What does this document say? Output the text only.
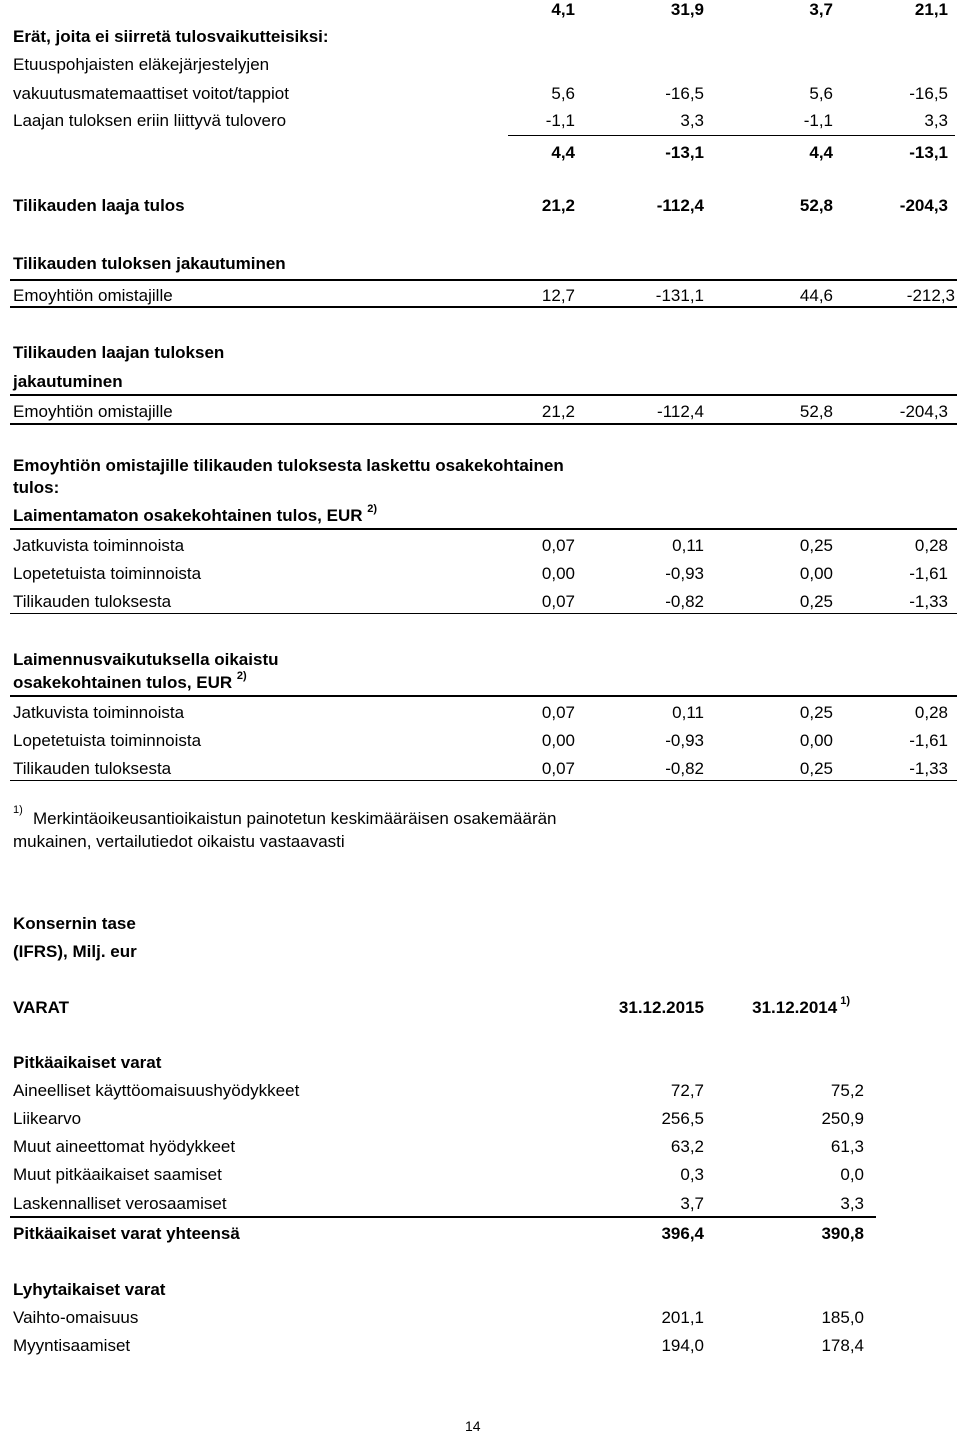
4,1	31,9	3,7	21,1
Erät, joita ei siirretä tulosvaikutteisiksi:
Etuuspohjaisten eläkejärjestelyjen
vakuutusmatemaattiset voitot/tappiot	5,6	-16,5	5,6	-16,5
Laajan tuloksen eriin liittyvä tulovero	-1,1	3,3	-1,1	3,3
4,4	-13,1	4,4	-13,1
Tilikauden laaja tulos	21,2	-112,4	52,8	-204,3
Tilikauden tuloksen jakautuminen
Emoyhtiön omistajille	12,7	-131,1	44,6	-212,3
Tilikauden laajan tuloksen
jakautuminen
Emoyhtiön omistajille	21,2	-112,4	52,8	-204,3
Emoyhtiön omistajille tilikauden tuloksesta laskettu osakekohtainen
tulos:
Laimentamaton osakekohtainen tulos, EUR $^{2)}$
Jatkuvista toiminnoista	0,07	0,11	0,25	0,28
Lopetetuista toiminnoista	0,00	-0,93	0,00	-1,61
Tilikauden tuloksesta	0,07	-0,82	0,25	-1,33
Laimennusvaikutuksella oikaistu
osakekohtainen tulos, EUR $^{2)}$
Jatkuvista toiminnoista	0,07	0,11	0,25	0,28
Lopetetuista toiminnoista	0,00	-0,93	0,00	-1,61
Tilikauden tuloksesta	0,07	-0,82	0,25	-1,33
1) Merkintäoikeusantioikaistun painotetun keskimääräisen osakemäärän
mukainen, vertailutiedot oikaistu vastaavasti
Konsernin tase
(IFRS), Milj. eur
VARAT	31.12.2015	31.12.2014 $^{1)}$
Pitkäaikaiset varat
Aineelliset käyttöomaisuushyödykkeet	72,7	75,2
Liikearvo	256,5	250,9
Muut aineettomat hyödykkeet	63,2	61,3
Muut pitkäaikaiset saamiset	0,3	0,0
Laskennalliset verosaamiset	3,7	3,3
Pitkäaikaiset varat yhteensä	396,4	390,8
Lyhytaikaiset varat
Vaihto-omaisuus	201,1	185,0
Myyntisaamiset	194,0	178,4
14
